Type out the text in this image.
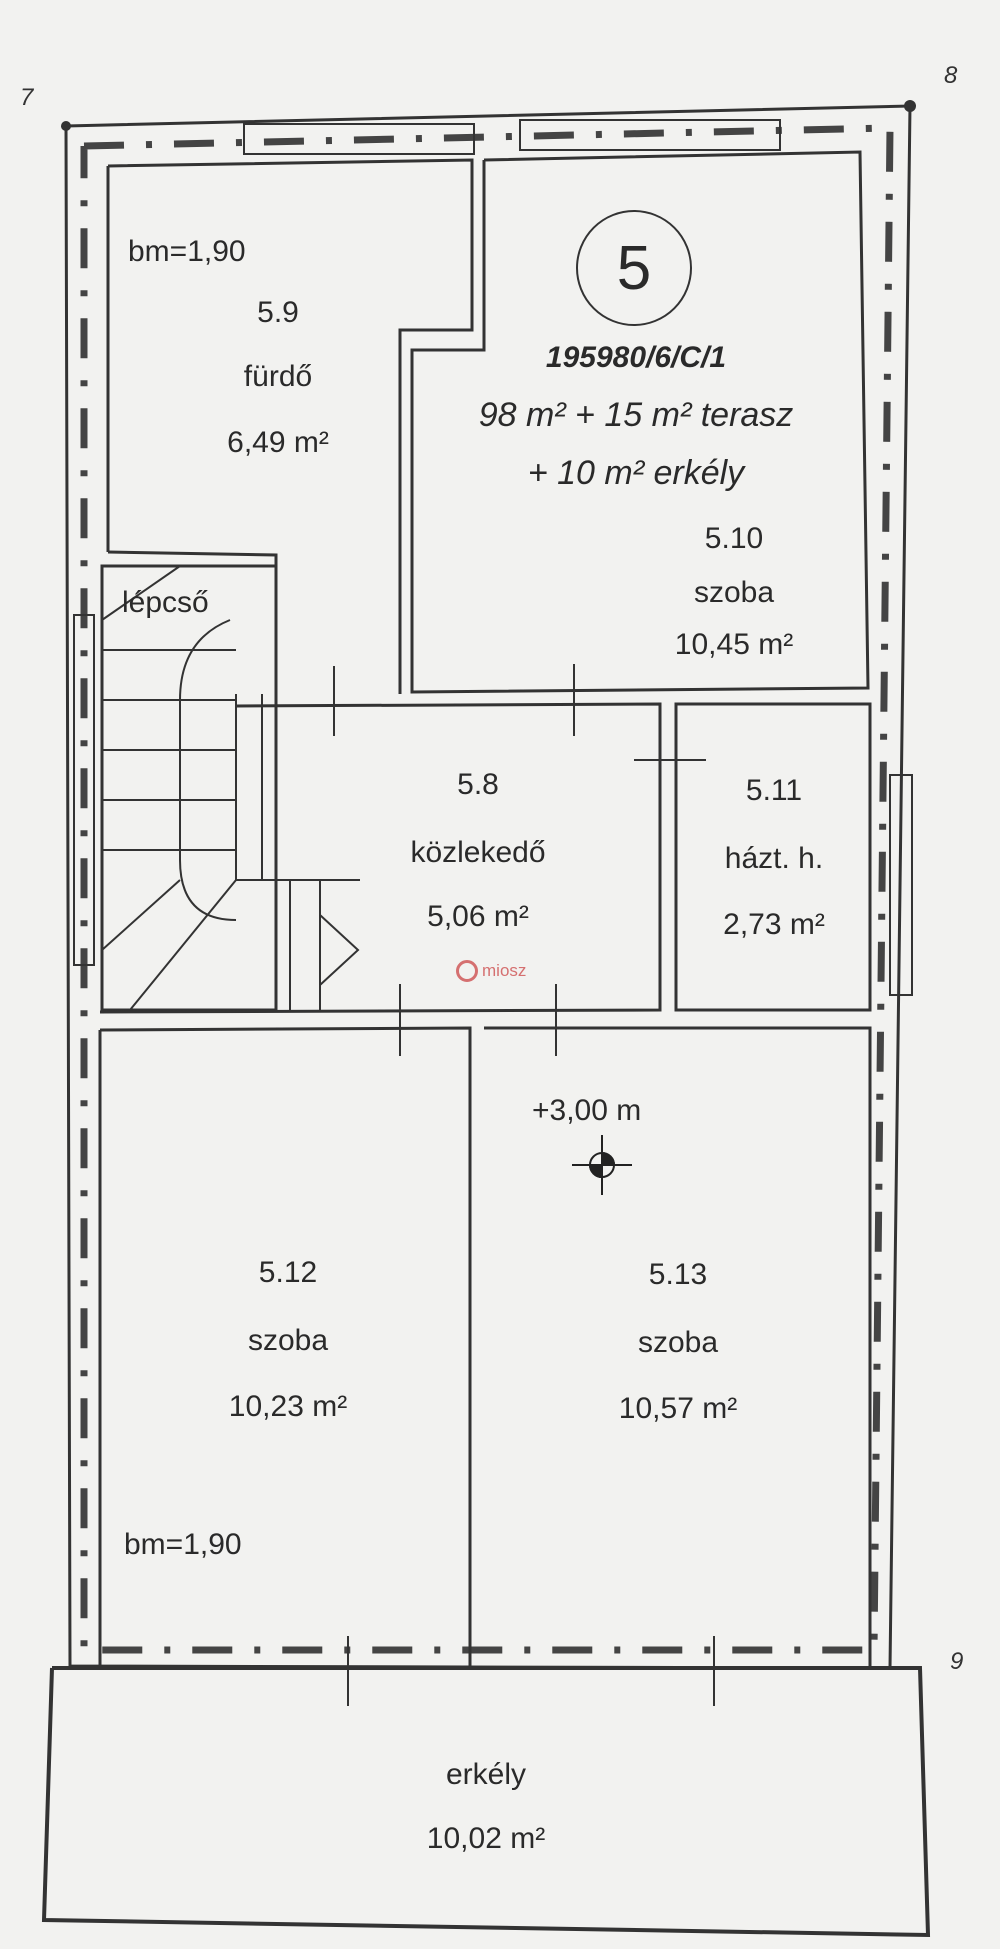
7
8
9
5
195980/6/C/1
98 m² + 15 m² terasz
+ 10 m² erkély
bm=1,90
5.9
fürdő
6,49 m²
5.10
szoba
10,45 m²
lépcső
5.8
közlekedő
5,06 m²
5.11
házt. h.
2,73 m²
+3,00 m
5.12
szoba
10,23 m²
bm=1,90
5.13
szoba
10,57 m²
erkély
10,02 m²
miosz
